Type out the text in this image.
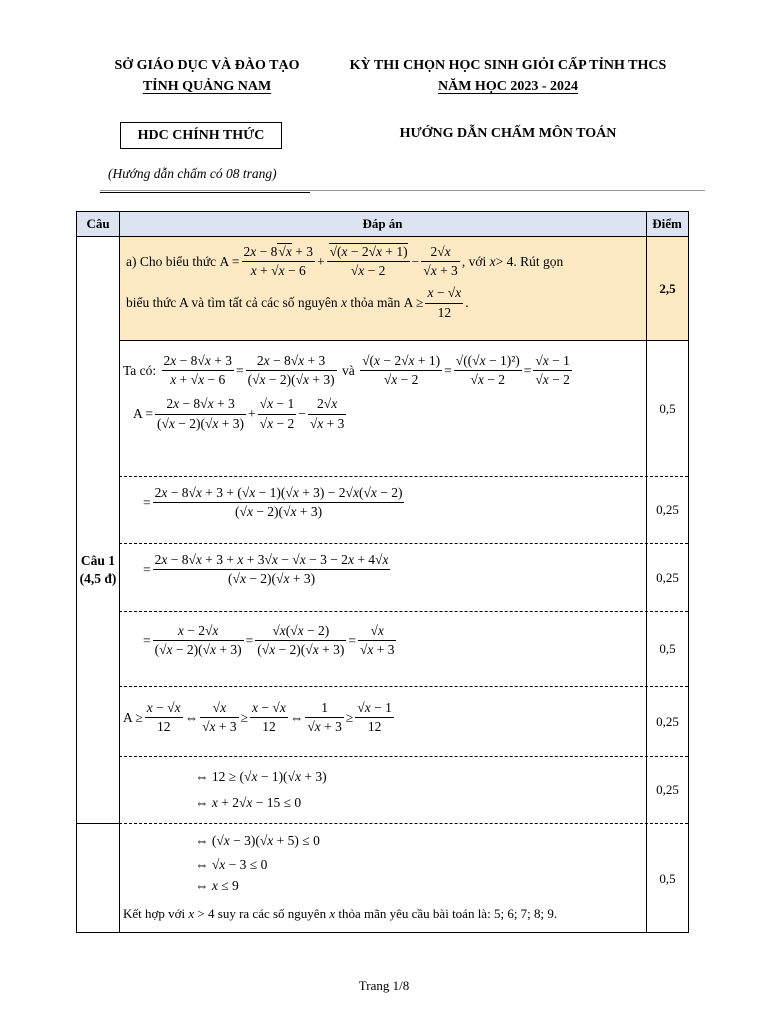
SỞ GIÁO DỤC VÀ ĐÀO TẠO
TỈNH QUẢNG NAM
KỲ THI CHỌN HỌC SINH GIỎI CẤP TỈNH THCS
NĂM HỌC 2023 - 2024
HDC CHÍNH THỨC	HƯỚNG DẪN CHẤM MÔN TOÁN
(Hướng dẫn chấm có 08 trang)
Câu	Đáp án	Điểm
Câu 1
(4,5 đ)
a) Cho biểu thức $A = \frac{2x - 8√x + 3}{x + √x - 6} + \frac{√(x - 2√x + 1)}{√x - 2} - \frac{2√x}{√x + 3}$ , với
x > 4 . Rút gọn
biểu thức A và tìm tất cả các số nguyên
x
thỏa mãn $A \ge \frac{x - √x}{12}$ .
2,5
Ta có:
$\frac{2x - 8√x + 3}{x + √x - 6} = \frac{2x - 8√x + 3}{(√x - 2)(√x + 3)}$
và
$\frac{√(x - 2√x + 1)}{√x - 2} = \frac{\text{√((√x − 1)²)}}{√x - 2} = \frac{√x - 1}{√x - 2}$
$A = \frac{2x - 8√x + 3}{(√x - 2)(√x + 3)} + \frac{√x - 1}{√x - 2} - \frac{2√x}{√x + 3}$	0,5
= $\frac{2x - 8√x + 3 + (√x - 1)(√x + 3) - 2√x(√x - 2)}{(√x - 2)(√x + 3)}$	0,25
= $\frac{2x - 8√x + 3 + x + 3√x - √x - 3 - 2x + 4√x}{(√x - 2)(√x + 3)}$	0,25
= $\frac{x - 2√x}{(√x - 2)(√x + 3)} = \frac{√x(√x - 2)}{(√x - 2)(√x + 3)} = \frac{√x}{√x + 3}$	0,5
$A \ge \frac{x - √x}{12}$ ⇔ $\frac{√x}{√x + 3} \ge \frac{x - √x}{12}$ ⇔ $\frac{1}{√x + 3} \ge \frac{√x - 1}{12}$	0,25
⇔ 12 ≥ (√x − 1)(√x + 3)
⇔ x + 2√x − 15 ≤ 0
0,25
⇔ (√x − 3)(√x + 5) ≤ 0
⇔ √x − 3 ≤ 0
⇔ x ≤ 9
Kết hợp với x > 4 suy ra các số nguyên x thỏa mãn yêu cầu bài toán là: 5; 6; 7; 8; 9.
0,5
Trang 1/8
